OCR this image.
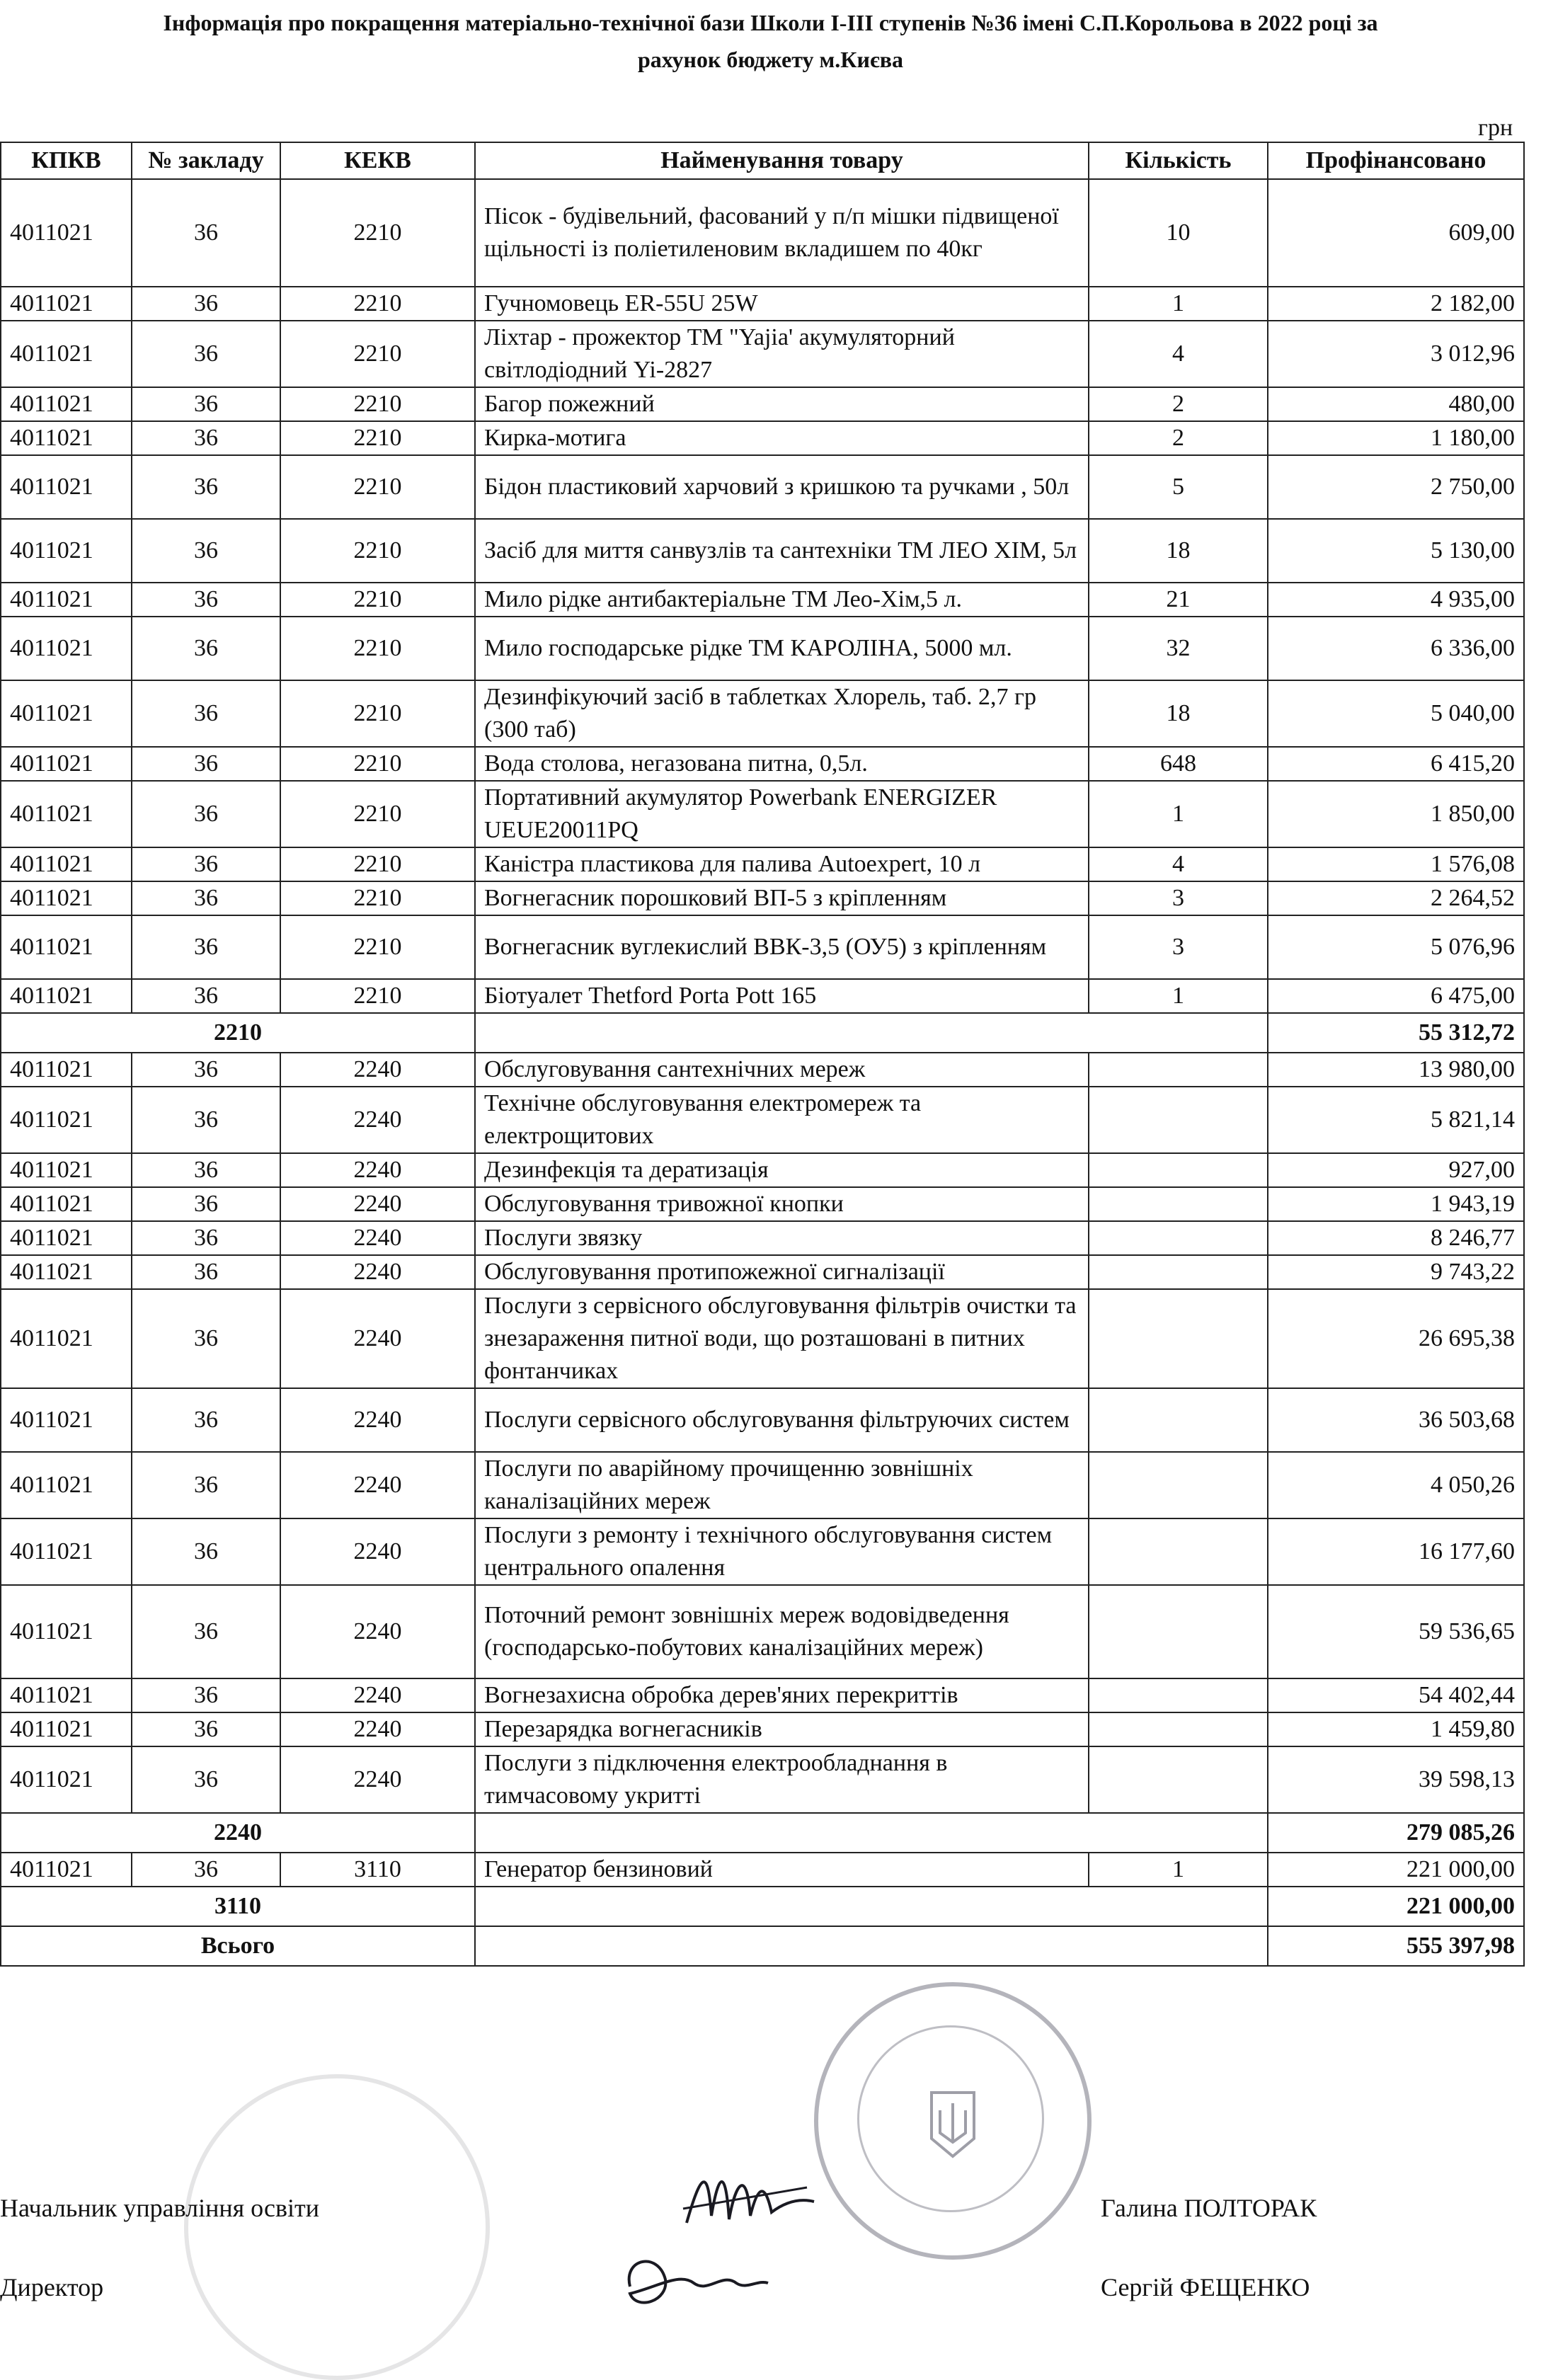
Інформація про покращення матеріально-технічної бази Школи І-ІІІ ступенів №36 імені С.П.Корольова в 2022 році за
рахунок бюджету м.Києва
грн
КПКВ	№ закладу	КЕКВ	Найменування товару	Кількість	Профінансовано
4011021	36	2210	Пісок - будівельний, фасований у п/п мішки підвищеної щільності із поліетиленовим вкладишем по 40кг	10	609,00
4011021	36	2210	Гучномовець ER-55U 25W	1	2 182,00
4011021	36	2210	Ліхтар - прожектор ТМ "Yajia' акумуляторний світлодіодний Yi-2827	4	3 012,96
4011021	36	2210	Багор пожежний	2	480,00
4011021	36	2210	Кирка-мотига	2	1 180,00
4011021	36	2210	Бідон пластиковий харчовий з кришкою та ручками , 50л	5	2 750,00
4011021	36	2210	Засіб для миття санвузлів та сантехніки ТМ ЛЕО ХІМ, 5л	18	5 130,00
4011021	36	2210	Мило рідке антибактеріальне ТМ Лео-Хім,5 л.	21	4 935,00
4011021	36	2210	Мило господарське рідке ТМ КАРОЛІНА, 5000 мл.	32	6 336,00
4011021	36	2210	Дезинфікуючий засіб в таблетках Хлорель, таб. 2,7 гр (300 таб)	18	5 040,00
4011021	36	2210	Вода столова, негазована питна, 0,5л.	648	6 415,20
4011021	36	2210	Портативний акумулятор Powerbank ENERGIZER UEUE20011PQ	1	1 850,00
4011021	36	2210	Каністра пластикова для палива Autoexpert, 10 л	4	1 576,08
4011021	36	2210	Вогнегасник порошковий ВП-5 з кріпленням	3	2 264,52
4011021	36	2210	Вогнегасник вуглекислий ВВК-3,5 (ОУ5) з кріпленням	3	5 076,96
4011021	36	2210	Біотуалет Thetford Porta Pott 165	1	6 475,00
2210					55 312,72
4011021	36	2240	Обслуговування сантехнічних мереж		13 980,00
4011021	36	2240	Технічне обслуговування електромереж та електрощитових		5 821,14
4011021	36	2240	Дезинфекція та дератизація		927,00
4011021	36	2240	Обслуговування тривожної кнопки		1 943,19
4011021	36	2240	Послуги звязку		8 246,77
4011021	36	2240	Обслуговування протипожежної сигналізації		9 743,22
4011021	36	2240	Послуги з сервісного обслуговування фільтрів очистки та знезараження питної води, що розташовані в питних фонтанчиках		26 695,38
4011021	36	2240	Послуги сервісного обслуговування фільтруючих систем		36 503,68
4011021	36	2240	Послуги по аварійному прочищенню зовнішніх каналізаційних мереж		4 050,26
4011021	36	2240	Послуги з ремонту і технічного обслуговування систем центрального опалення		16 177,60
4011021	36	2240	Поточний ремонт зовнішніх мереж водовідведення (господарсько-побутових каналізаційних мереж)		59 536,65
4011021	36	2240	Вогнезахисна обробка дерев'яних перекриттів		54 402,44
4011021	36	2240	Перезарядка вогнегасників		1 459,80
4011021	36	2240	Послуги з підключення електрообладнання в тимчасовому укритті		39 598,13
2240					279 085,26
4011021	36	3110	Генератор бензиновий	1	221 000,00
3110					221 000,00
Всього					555 397,98
Начальник управління освіти	Галина ПОЛТОРАК
Директор	Сергій ФЕЩЕНКО
